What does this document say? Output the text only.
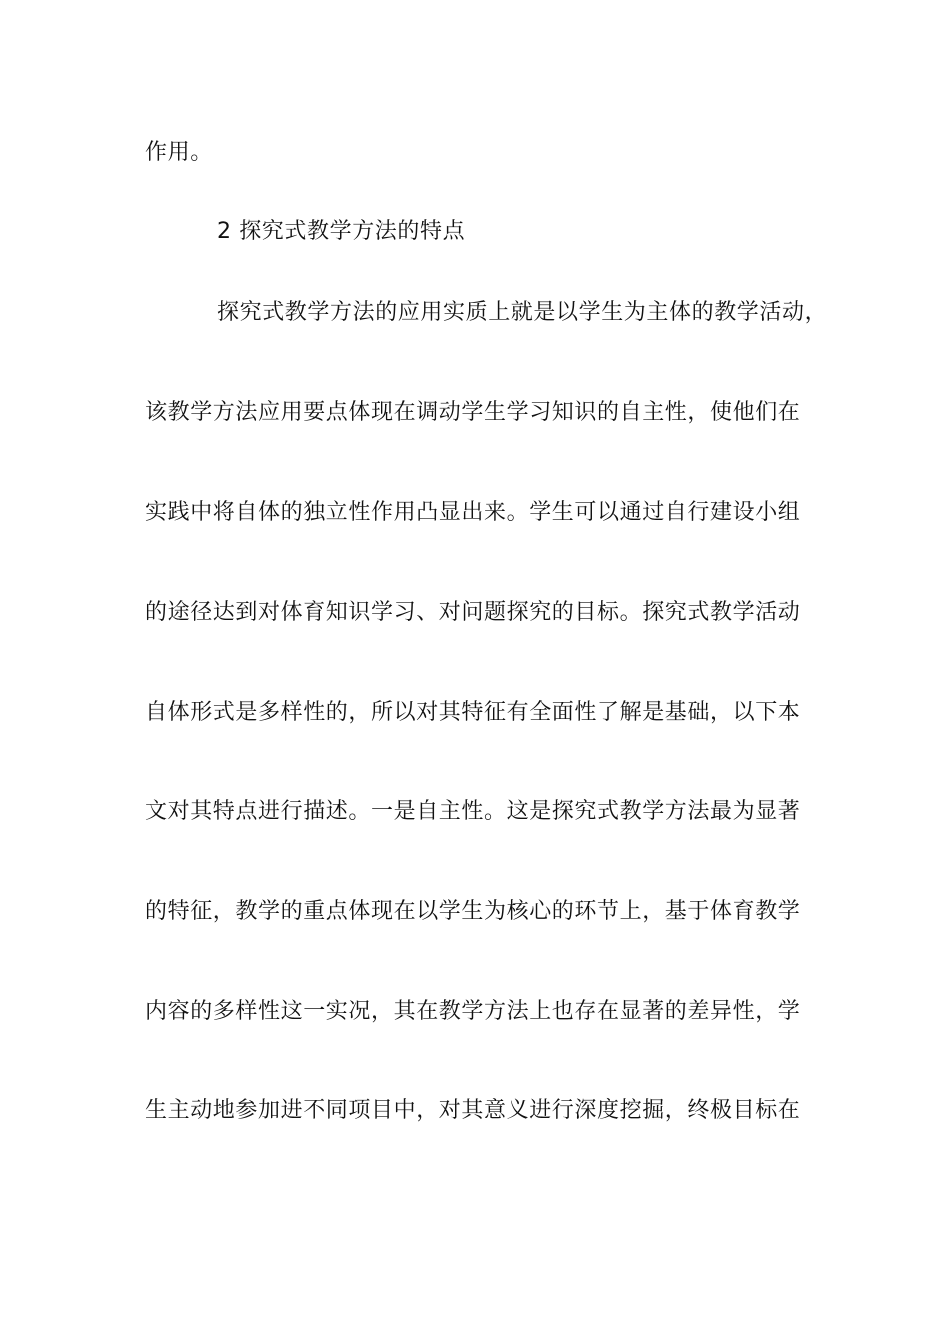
作用。
2 探究式教学方法的特点
探究式教学方法的应用实质上就是以学生为主体的教学活动，
该教学方法应用要点体现在调动学生学习知识的自主性，使他们在
实践中将自体的独立性作用凸显出来。学生可以通过自行建设小组
的途径达到对体育知识学习、对问题探究的目标。探究式教学活动
自体形式是多样性的，所以对其特征有全面性了解是基础，以下本
文对其特点进行描述。一是自主性。这是探究式教学方法最为显著
的特征，教学的重点体现在以学生为核心的环节上，基于体育教学
内容的多样性这一实况，其在教学方法上也存在显著的差异性，学
生主动地参加进不同项目中，对其意义进行深度挖掘，终极目标在
